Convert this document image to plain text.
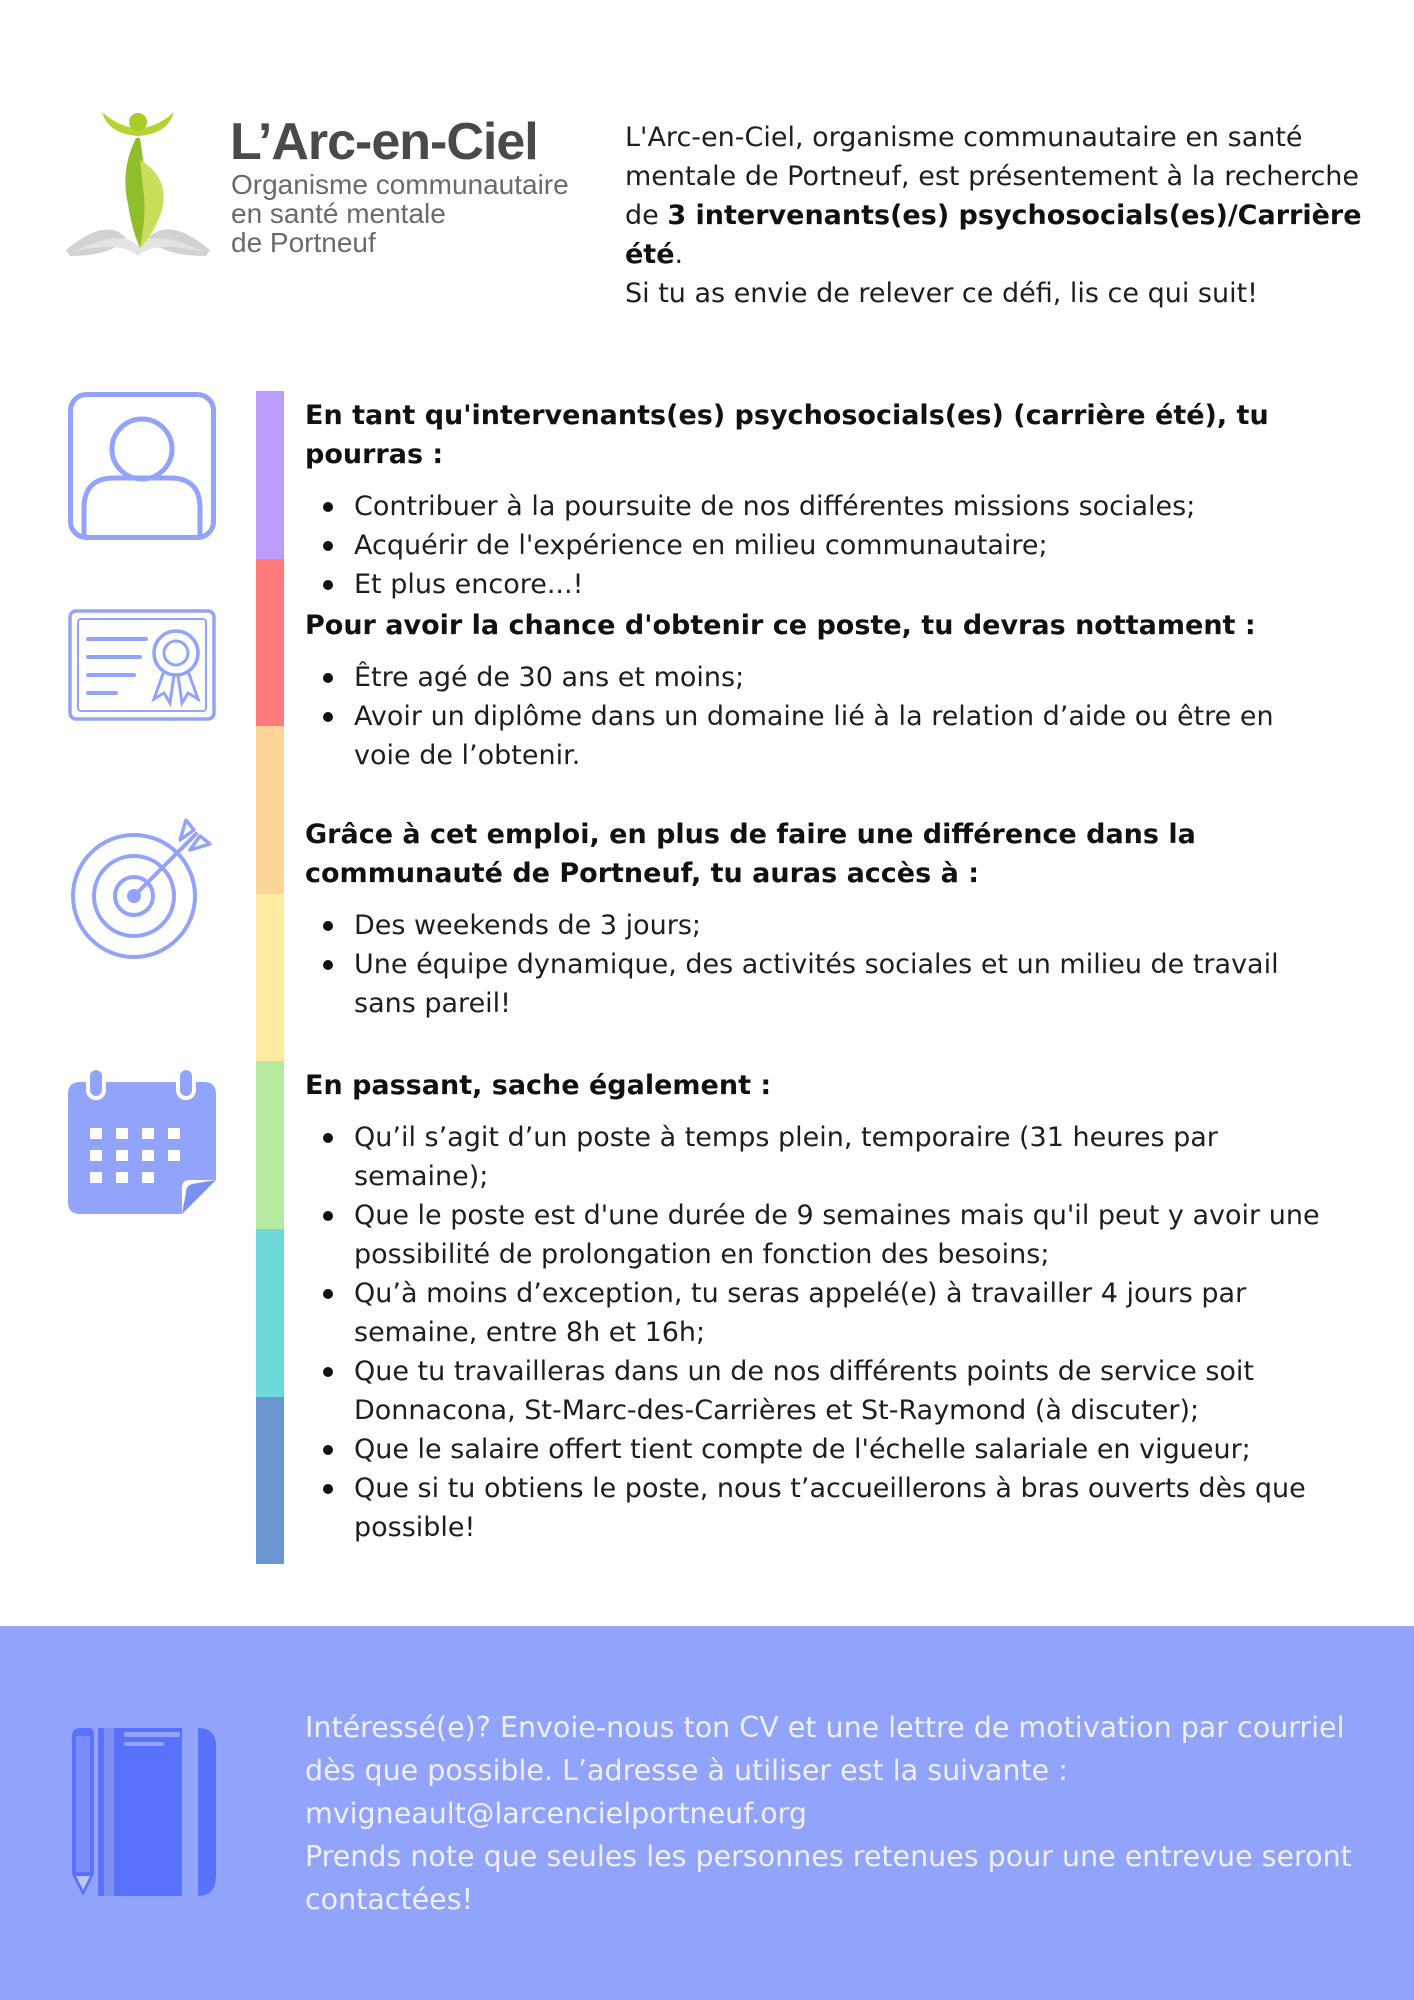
L’Arc-en-Ciel

Organisme communautaire
en santé mentale
de Portneuf

L'Arc-en-Ciel, organisme communautaire en santé mentale de Portneuf, est présentement à la recherche de 3 intervenants(es) psychosocials(es)/Carrière été.
Si tu as envie de relever ce défi, lis ce qui suit!

En tant qu'intervenants(es) psychosocials(es) (carrière été), tu pourras :

Contribuer à la poursuite de nos différentes missions sociales;
Acquérir de l'expérience en milieu communautaire;
Et plus encore...!

Pour avoir la chance d'obtenir ce poste, tu devras nottament :

Être agé de 30 ans et moins;
Avoir un diplôme dans un domaine lié à la relation d’aide ou être en voie de l’obtenir.

Grâce à cet emploi, en plus de faire une différence dans la communauté de Portneuf, tu auras accès à :

Des weekends de 3 jours;
Une équipe dynamique, des activités sociales et un milieu de travail sans pareil!

En passant, sache également :

Qu’il s’agit d’un poste à temps plein, temporaire (31 heures par semaine);
Que le poste est d'une durée de 9 semaines mais qu'il peut y avoir une possibilité de prolongation en fonction des besoins;
Qu’à moins d’exception, tu seras appelé(e) à travailler 4 jours par semaine, entre 8h et 16h;
Que tu travailleras dans un de nos différents points de service soit Donnacona, St-Marc-des-Carrières et St-Raymond (à discuter);
Que le salaire offert tient compte de l'échelle salariale en vigueur;
Que si tu obtiens le poste, nous t’accueillerons à bras ouverts dès que possible!

Intéressé(e)? Envoie-nous ton CV et une lettre de motivation par courriel dès que possible. L’adresse à utiliser est la suivante :
mvigneault@larcencielportneuf.org
Prends note que seules les personnes retenues pour une entrevue seront contactées!
